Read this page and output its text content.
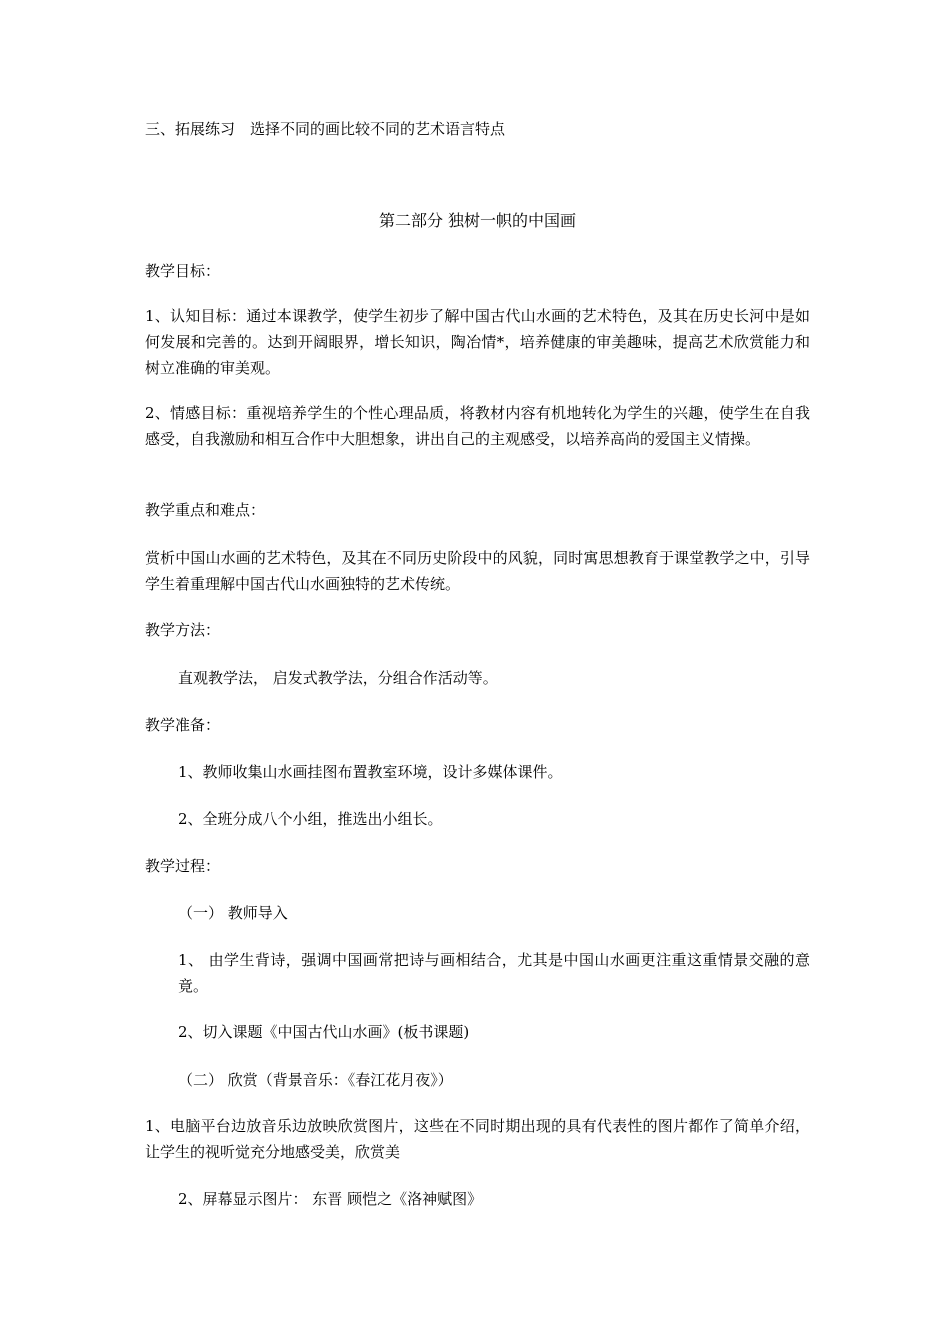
三、拓展练习　选择不同的画比较不同的艺术语言特点
第二部分 独树一帜的中国画
教学目标：
1、认知目标：通过本课教学，使学生初步了解中国古代山水画的艺术特色，及其在历史长河中是如何发展和完善的。达到开阔眼界，增长知识，陶冶情*，培养健康的审美趣味，提高艺术欣赏能力和树立准确的审美观。
2、情感目标：重视培养学生的个性心理品质，将教材内容有机地转化为学生的兴趣，使学生在自我感受，自我激励和相互合作中大胆想象，讲出自己的主观感受，以培养高尚的爱国主义情操。
教学重点和难点：
赏析中国山水画的艺术特色，及其在不同历史阶段中的风貌，同时寓思想教育于课堂教学之中，引导学生着重理解中国古代山水画独特的艺术传统。
教学方法：
直观教学法， 启发式教学法，分组合作活动等。
教学准备：
1、教师收集山水画挂图布置教室环境，设计多媒体课件。
2、全班分成八个小组，推选出小组长。
教学过程：
（一） 教师导入
1、 由学生背诗，强调中国画常把诗与画相结合，尤其是中国山水画更注重这重情景交融的意竟。
2、切入课题《中国古代山水画》(板书课题)
（二） 欣赏（背景音乐：《春江花月夜》）
1、电脑平台边放音乐边放映欣赏图片，这些在不同时期出现的具有代表性的图片都作了简单介绍，让学生的视听觉充分地感受美，欣赏美
2、屏幕显示图片： 东晋 顾恺之《洛神赋图》
